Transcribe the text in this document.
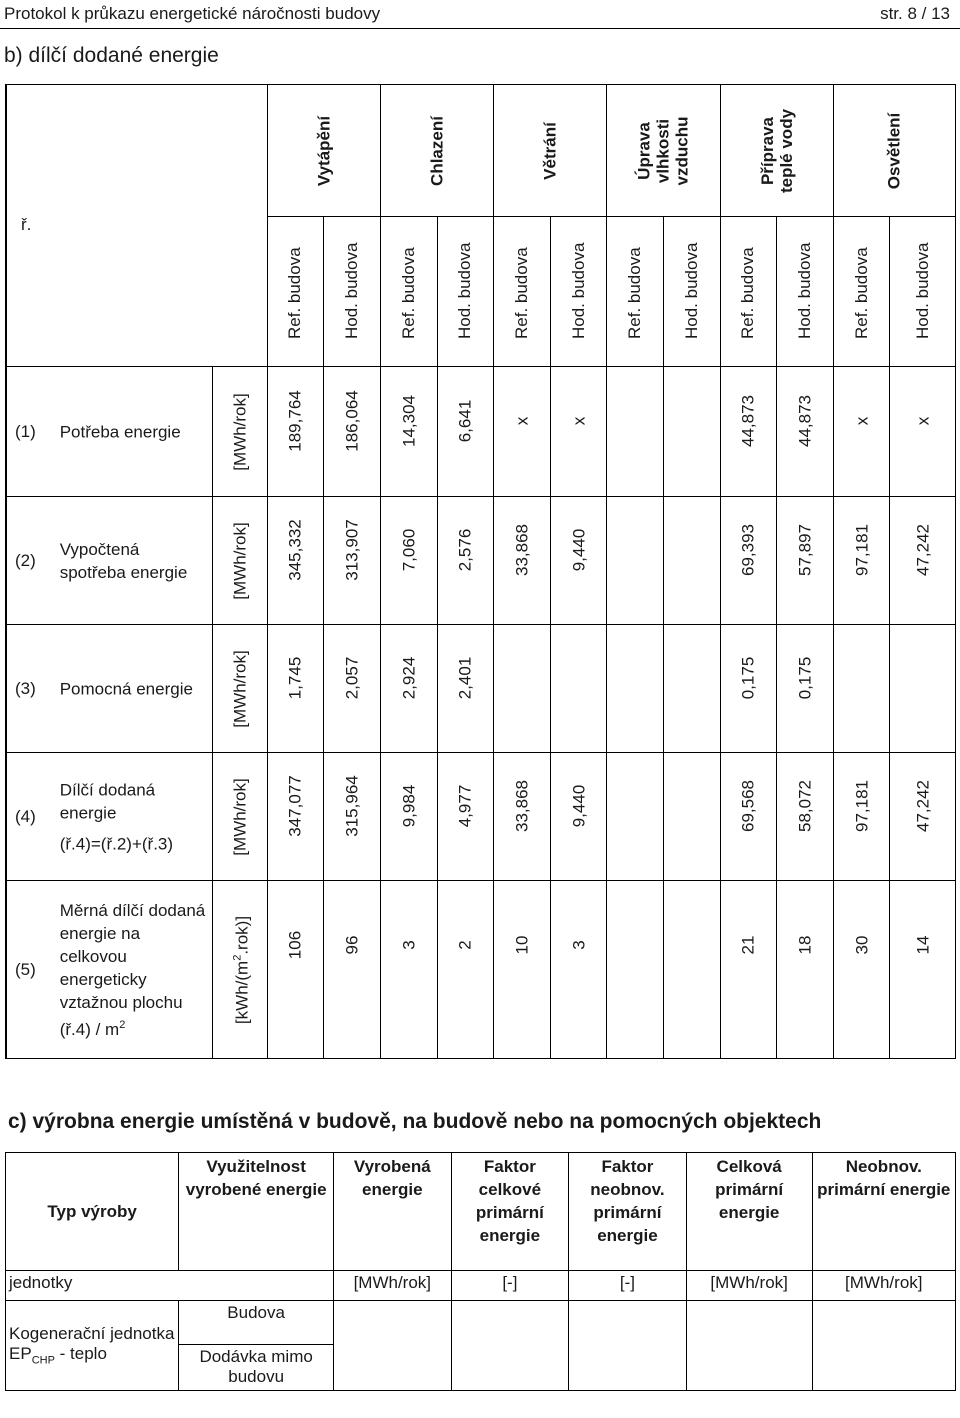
Protokol k průkazu energetické náročnosti budovy	str. 8 / 13
b) dílčí dodané energie
ř.			Vytápění		Chlazení		Větrání		Úprava vlhkosti vzduchu		Příprava teplé vody		Osvětlení	

			Ref. budova	Hod. budova	Ref. budova	Hod. budova	Ref. budova	Hod. budova	Ref. budova	Hod. budova	Ref. budova	Hod. budova	Ref. budova	Hod. budova

(1)	Potřeba energie	[MWh/rok]	189,764	186,064	14,304	6,641	x	x			44,873	44,873	x	x

(2)	Vypočtená spotřeba energie	[MWh/rok]	345,332	313,907	7,060	2,576	33,868	9,440			69,393	57,897	97,181	47,242

(3)	Pomocná energie	[MWh/rok]	1,745	2,057	2,924	2,401					0,175	0,175		

(4)	Dílčí dodaná energie
(ř.4)=(ř.2)+(ř.3)	[MWh/rok]	347,077	315,964	9,984	4,977	33,868	9,440			69,568	58,072	97,181	47,242

(5)	Měrná dílčí dodaná energie na celkovou energeticky vztažnou plochu
(ř.4) / $m^2$	$[kWh/(m^2.rok)]$	106	96	3	2	10	3			21	18	30	14
c) výrobna energie umístěná v budově, na budově nebo na pomocných objektech
Typ výroby	Využitelnost vyrobené energie	Vyrobená energie	Faktor celkové primární energie	Faktor neobnov. primární energie	Celková primární energie	Neobnov. primární energie
jednotky		[MWh/rok]	[-]	[-]	[MWh/rok]	[MWh/rok]
Kogenerační jednotka $EP_{CHP}$ - teplo	Budova					
	Dodávka mimo budovu					
